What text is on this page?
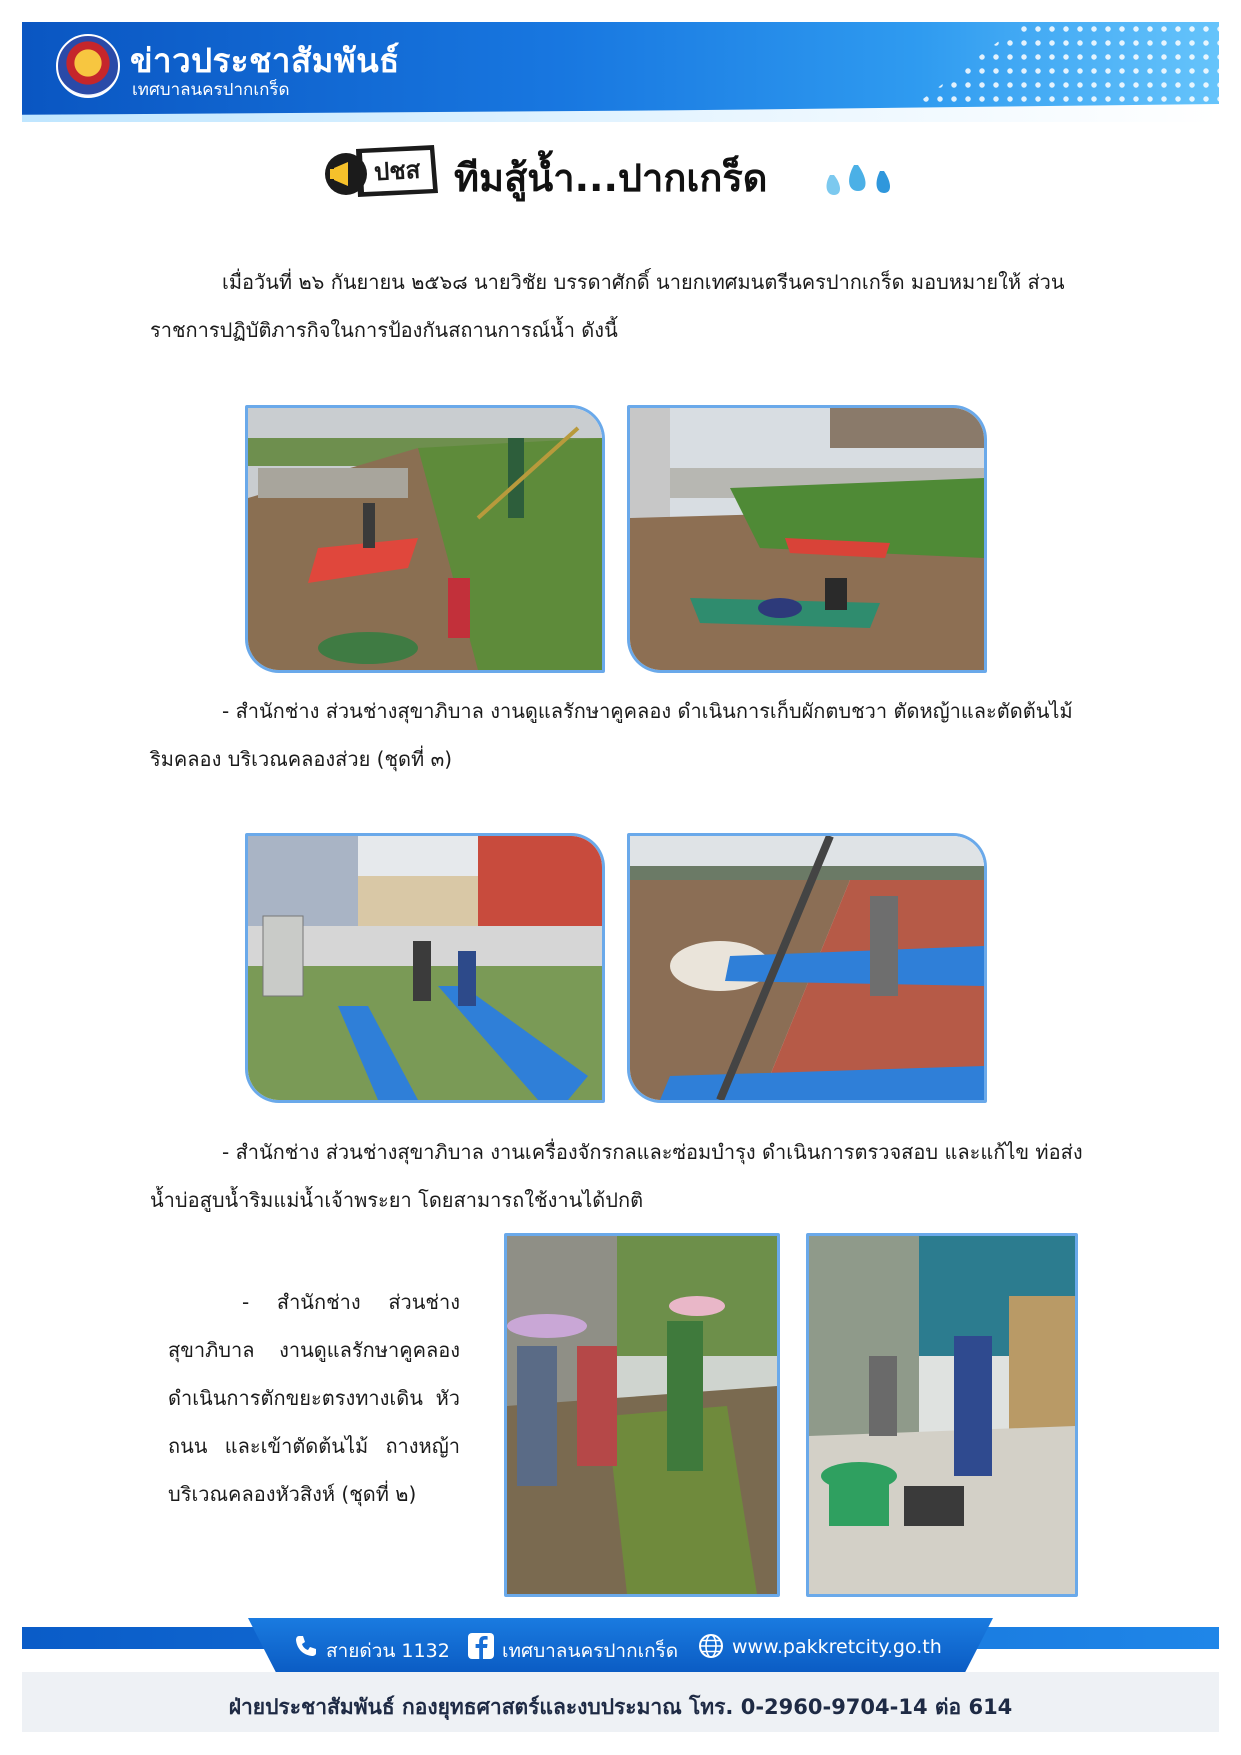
ข่าวประชาสัมพันธ์
เทศบาลนครปากเกร็ด
ปชส ทีมสู้น้ำ...ปากเกร็ด

เมื่อวันที่ ๒๖ กันยายน ๒๕๖๘ นายวิชัย บรรดาศักดิ์ นายกเทศมนตรีนครปากเกร็ด มอบหมายให้ ส่วนราชการปฏิบัติภารกิจในการป้องกันสถานการณ์น้ำ ดังนี้

- สำนักช่าง ส่วนช่างสุขาภิบาล งานดูแลรักษาคูคลอง ดำเนินการเก็บผักตบชวา ตัดหญ้าและตัดต้นไม้ ริมคลอง บริเวณคลองส่วย (ชุดที่ ๓)

- สำนักช่าง ส่วนช่างสุขาภิบาล งานเครื่องจักรกลและซ่อมบำรุง ดำเนินการตรวจสอบ และแก้ไข ท่อส่งน้ำบ่อสูบน้ำริมแม่น้ำเจ้าพระยา โดยสามารถใช้งานได้ปกติ

- สำนักช่าง ส่วนช่าง สุขาภิบาล งานดูแลรักษาคูคลอง ดำเนินการตักขยะตรงทางเดิน หัวถนน และเข้าตัดต้นไม้ ถางหญ้า บริเวณคลองหัวสิงห์ (ชุดที่ ๒)

สายด่วน 1132	เทศบาลนครปากเกร็ด	www.pakkretcity.go.th
ฝ่ายประชาสัมพันธ์ กองยุทธศาสตร์และงบประมาณ โทร. 0-2960-9704-14 ต่อ 614
